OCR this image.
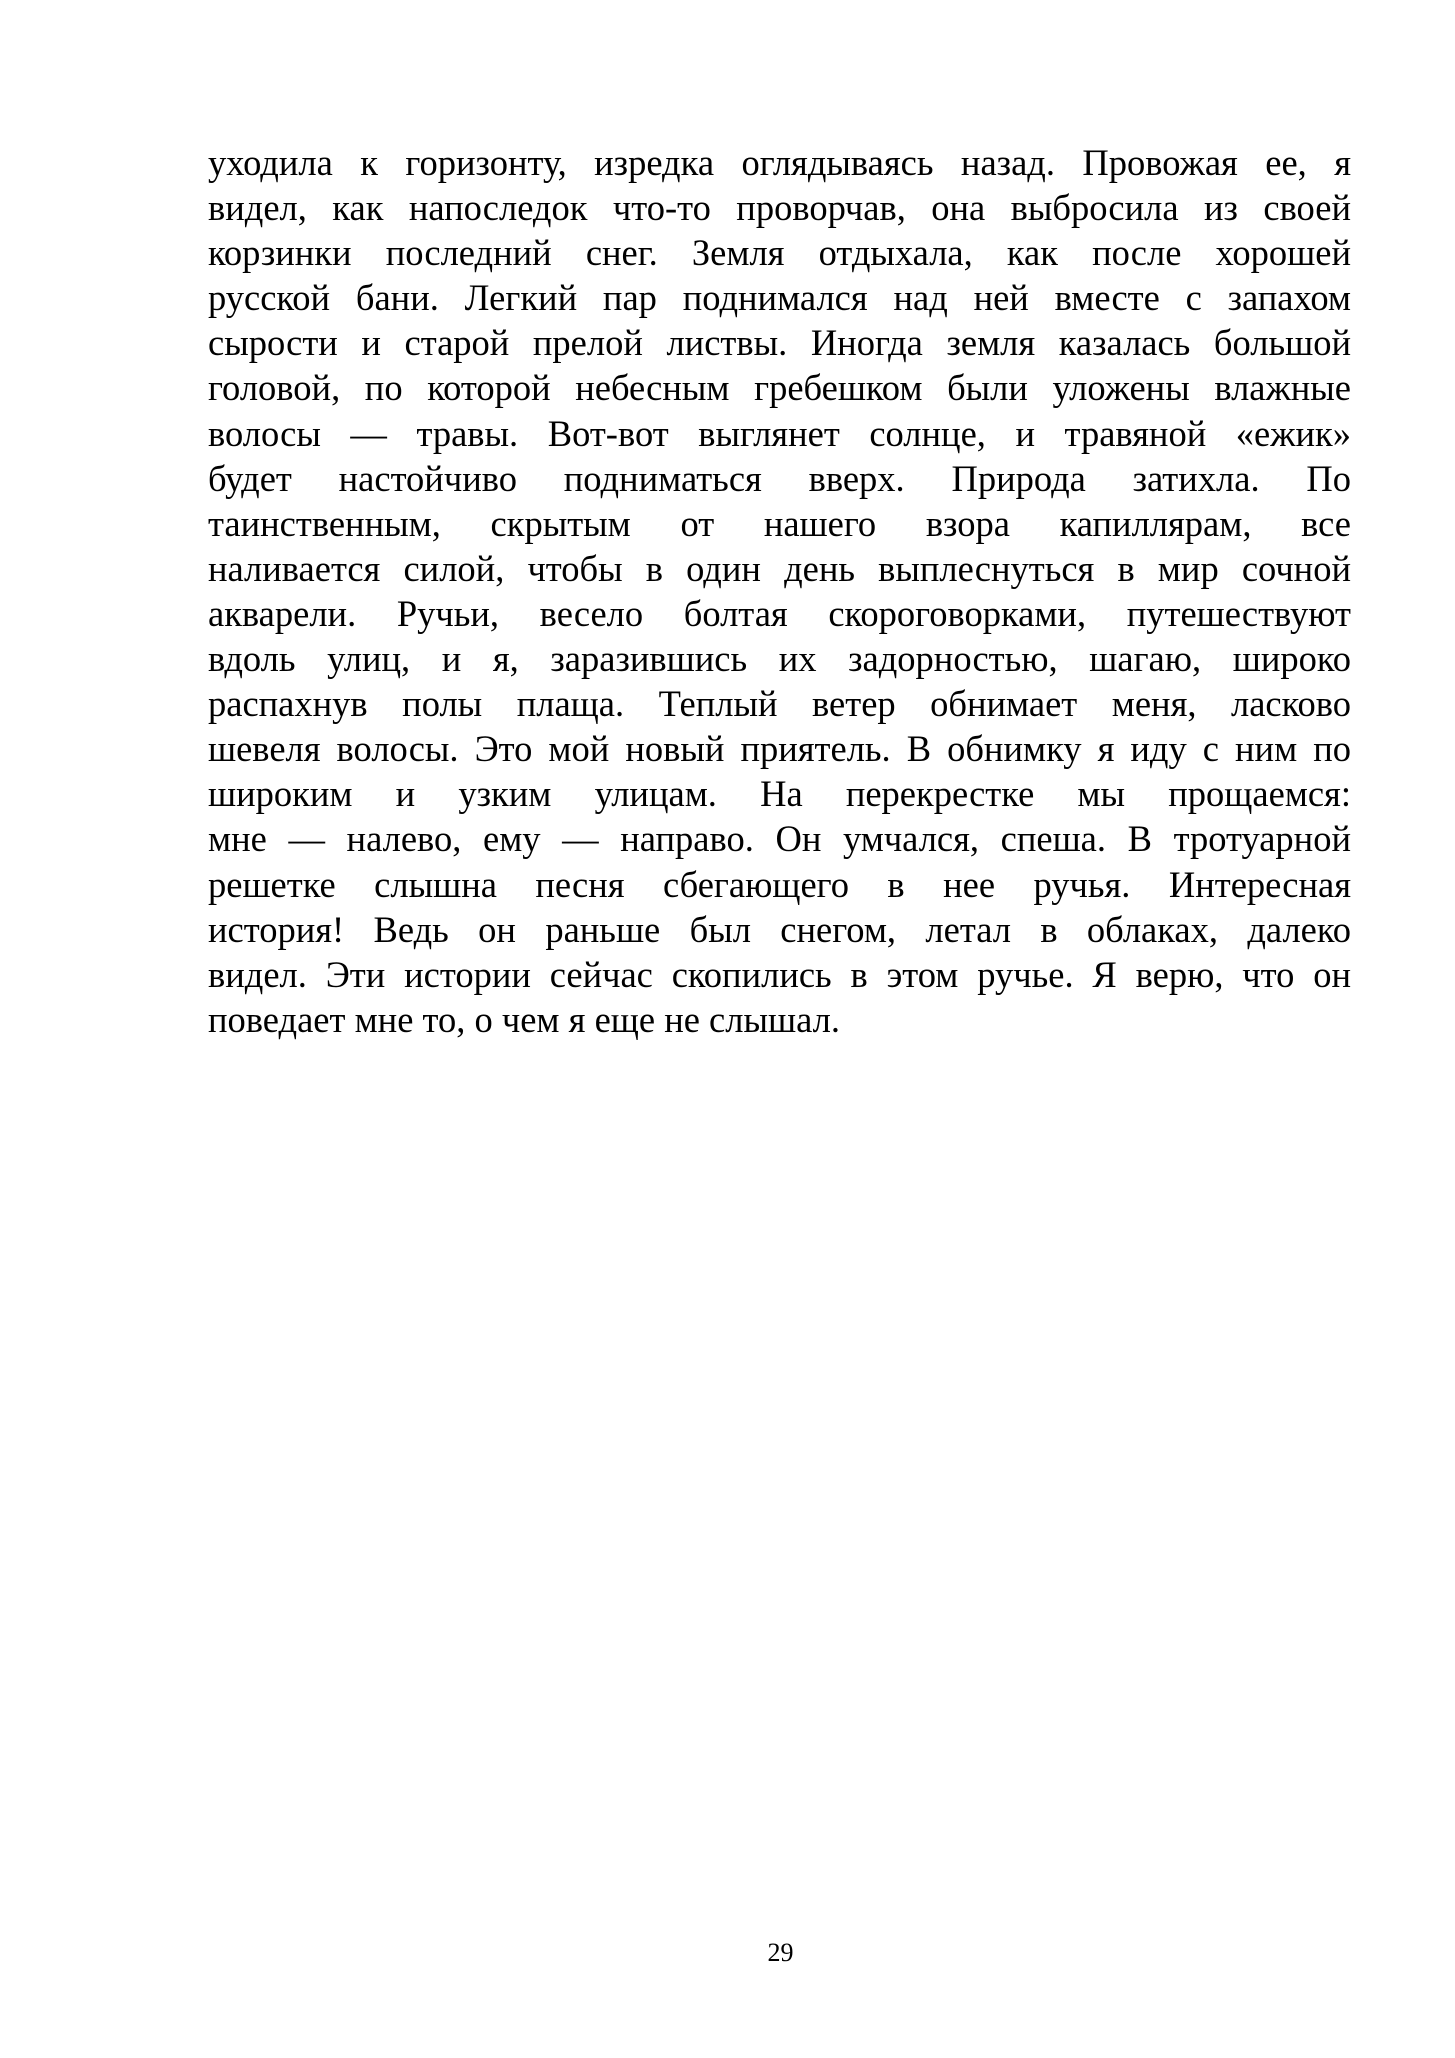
уходила к горизонту, изредка оглядываясь назад. Провожая ее, я
видел, как напоследок что-то проворчав, она выбросила из своей
корзинки последний снег. Земля отдыхала, как после хорошей
русской бани. Легкий пар поднимался над ней вместе с запахом
сырости и старой прелой листвы. Иногда земля казалась большой
головой, по которой небесным гребешком были уложены влажные
волосы — травы. Вот-вот выглянет солнце, и травяной «ежик»
будет настойчиво подниматься вверх. Природа затихла. По
таинственным, скрытым от нашего взора капиллярам, все
наливается силой, чтобы в один день выплеснуться в мир сочной
акварели. Ручьи, весело болтая скороговорками, путешествуют
вдоль улиц, и я, заразившись их задорностью, шагаю, широко
распахнув полы плаща. Теплый ветер обнимает меня, ласково
шевеля волосы. Это мой новый приятель. В обнимку я иду с ним по
широким и узким улицам. На перекрестке мы прощаемся:
мне — налево, ему — направо. Он умчался, спеша. В тротуарной
решетке слышна песня сбегающего в нее ручья. Интересная
история! Ведь он раньше был снегом, летал в облаках, далеко
видел. Эти истории сейчас скопились в этом ручье. Я верю, что он
поведает мне то, о чем я еще не слышал.
29
